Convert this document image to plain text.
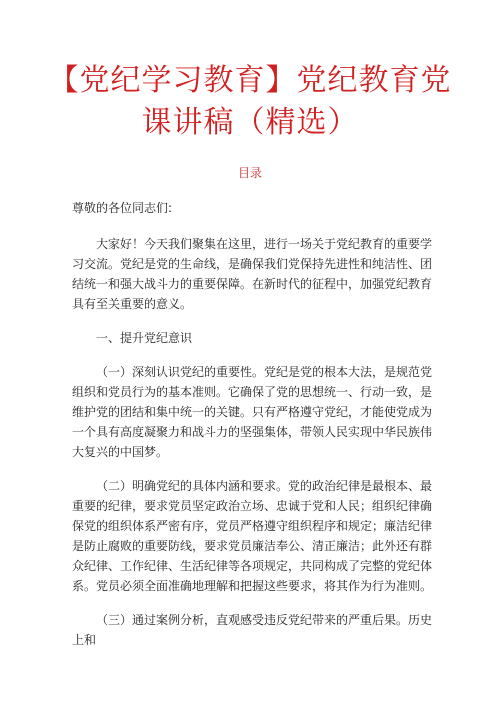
【党纪学习教育】党纪教育党课讲稿（精选）
目录

尊敬的各位同志们:

大家好！今天我们聚集在这里，进行一场关于党纪教育的重要学习交流。党纪是党的生命线，是确保我们党保持先进性和纯洁性、团结统一和强大战斗力的重要保障。在新时代的征程中，加强党纪教育具有至关重要的意义。

一、提升党纪意识

（一）深刻认识党纪的重要性。党纪是党的根本大法，是规范党组织和党员行为的基本准则。它确保了党的思想统一、行动一致，是维护党的团结和集中统一的关键。只有严格遵守党纪，才能使党成为一个具有高度凝聚力和战斗力的坚强集体，带领人民实现中华民族伟大复兴的中国梦。

（二）明确党纪的具体内涵和要求。党的政治纪律是最根本、最重要的纪律，要求党员坚定政治立场、忠诚于党和人民；组织纪律确保党的组织体系严密有序，党员严格遵守组织程序和规定；廉洁纪律是防止腐败的重要防线，要求党员廉洁奉公、清正廉洁；此外还有群众纪律、工作纪律、生活纪律等各项规定，共同构成了完整的党纪体系。党员必须全面准确地理解和把握这些要求，将其作为行为准则。

（三）通过案例分析，直观感受违反党纪带来的严重后果。历史上和
